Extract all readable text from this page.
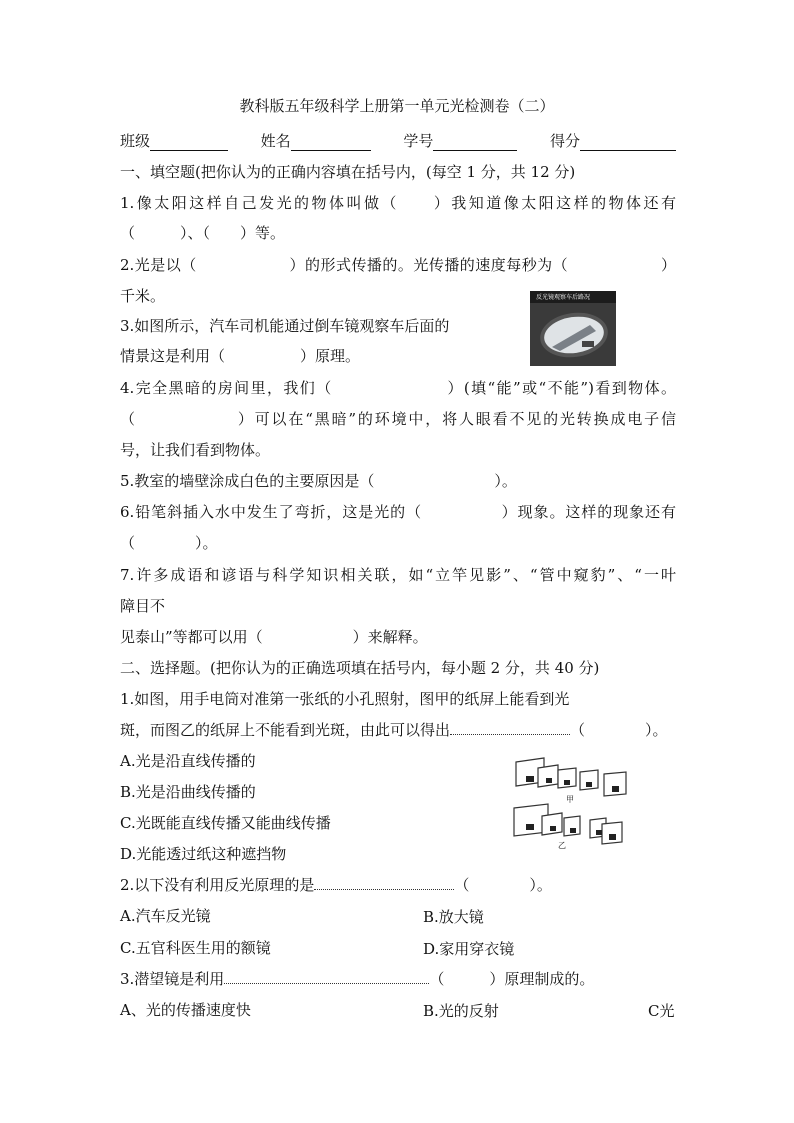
教科版五年级科学上册第一单元光检测卷（二）
班级	姓名	学号	得分
一、填空题(把你认为的正确内容填在括号内，(每空 1 分，共 12 分)
1.像太阳这样自己发光的物体叫做（　　）我知道像太阳这样的物体还有
（　　　）、（　　）等。
2.光是以（　　　　　　）的形式传播的。光传播的速度每秒为（　　　　　　）
千米。
3.如图所示，汽车司机能通过倒车镜观察车后面的
情景这是利用（　　　　　）原理。
反光镜观察车后路况
4.完全黑暗的房间里，我们（　　　　　　　）(填“能”或“不能”)看到物体。
（　　　　　　）可以在“黑暗”的环境中，将人眼看不见的光转换成电子信
号，让我们看到物体。
5.教室的墙壁涂成白色的主要原因是（　　　　　　　　）。
6.铅笔斜插入水中发生了弯折，这是光的（　　　　　）现象。这样的现象还有
（　　　　）。
7.许多成语和谚语与科学知识相关联，如“立竿见影”、“管中窥豹”、“一叶
障目不
见泰山”等都可以用（　　　　　　）来解释。
二、选择题。(把你认为的正确选项填在括号内，每小题 2 分，共 40 分)
1.如图，用手电筒对准第一张纸的小孔照射，图甲的纸屏上能看到光
斑，而图乙的纸屏上不能看到光斑，由此可以得出	（　　　　）。
A.光是沿直线传播的
B.光是沿曲线传播的
C.光既能直线传播又能曲线传播
D.光能透过纸这种遮挡物
甲
乙
2.以下没有利用反光原理的是	（　　　　）。
A.汽车反光镜	B.放大镜
C.五官科医生用的额镜	D.家用穿衣镜
3.潜望镜是利用	（　　　）原理制成的。
A、光的传播速度快	B.光的反射	C光
